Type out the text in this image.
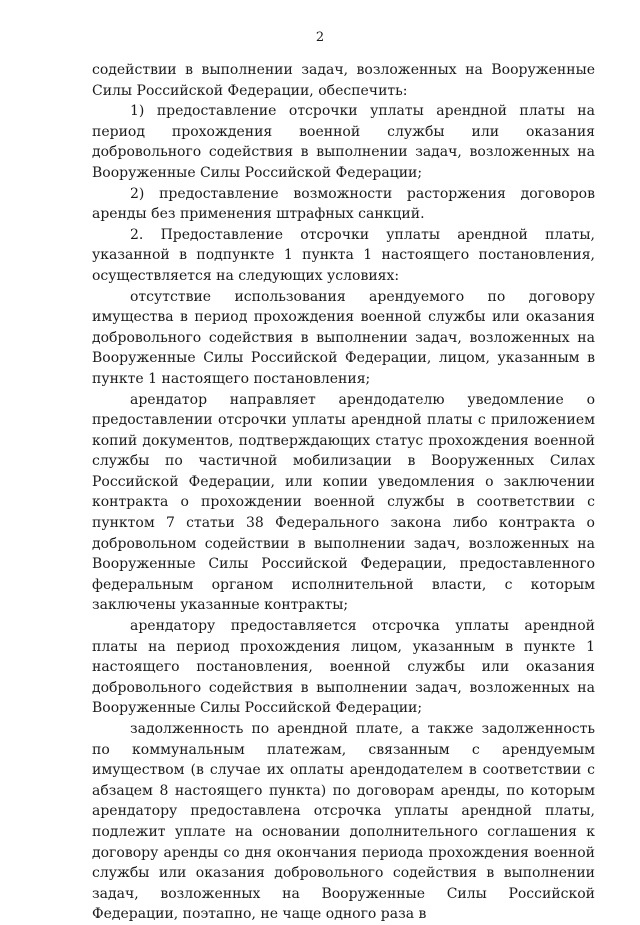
2

содействии в выполнении задач, возложенных на Вооруженные Силы Российской Федерации, обеспечить:

1) предоставление отсрочки уплаты арендной платы на период прохождения военной службы или оказания добровольного содействия в выполнении задач, возложенных на Вооруженные Силы Российской Федерации;

2) предоставление возможности расторжения договоров аренды без применения штрафных санкций.

2. Предоставление отсрочки уплаты арендной платы, указанной в подпункте 1 пункта 1 настоящего постановления, осуществляется на следующих условиях:

отсутствие использования арендуемого по договору имущества в период прохождения военной службы или оказания добровольного содействия в выполнении задач, возложенных на Вооруженные Силы Российской Федерации, лицом, указанным в пункте 1 настоящего постановления;

арендатор направляет арендодателю уведомление о предоставлении отсрочки уплаты арендной платы с приложением копий документов, подтверждающих статус прохождения военной службы по частичной мобилизации в Вооруженных Силах Российской Федерации, или копии уведомления о заключении контракта о прохождении военной службы в соответствии с пунктом 7 статьи 38 Федерального закона либо контракта о добровольном содействии в выполнении задач, возложенных на Вооруженные Силы Российской Федерации, предоставленного федеральным органом исполнительной власти, с которым заключены указанные контракты;

арендатору предоставляется отсрочка уплаты арендной платы на период прохождения лицом, указанным в пункте 1 настоящего постановления, военной службы или оказания добровольного содействия в выполнении задач, возложенных на Вооруженные Силы Российской Федерации;

задолженность по арендной плате, а также задолженность по коммунальным платежам, связанным с арендуемым имуществом (в случае их оплаты арендодателем в соответствии с абзацем 8 настоящего пункта) по договорам аренды, по которым арендатору предоставлена отсрочка уплаты арендной платы, подлежит уплате на основании дополнительного соглашения к договору аренды со дня окончания периода прохождения военной службы или оказания добровольного содействия в выполнении задач, возложенных на Вооруженные Силы Российской Федерации, поэтапно, не чаще одного раза в
